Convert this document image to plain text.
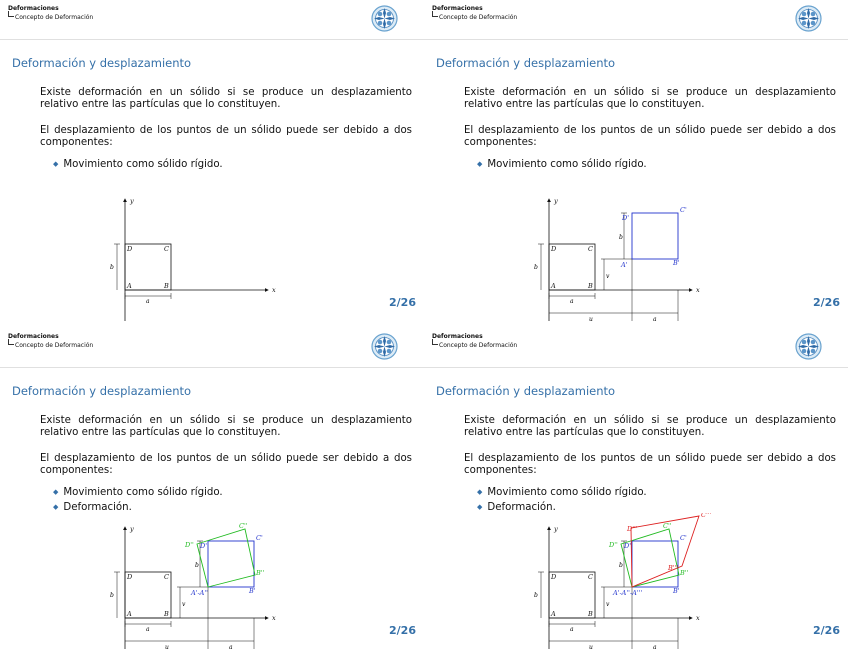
Deformaciones
Concepto de Deformación
Deformación y desplazamiento
Existe deformación en un sólido si se produce un desplazamiento relativo entre las partículas que lo constituyen.
El desplazamiento de los puntos de un sólido puede ser debido a dos componentes:
◆ Movimiento como sólido rígido.
x
y
A	B
C
D
a
b
2/26
Deformaciones
Concepto de Deformación
Deformación y desplazamiento
Existe deformación en un sólido si se produce un desplazamiento relativo entre las partículas que lo constituyen.
El desplazamiento de los puntos de un sólido puede ser debido a dos componentes:
◆ Movimiento como sólido rígido.
x
y
A	B
C
D
a
b
u	a
v
b
B'
C'
D'
A'
2/26
Deformaciones
Concepto de Deformación
Deformación y desplazamiento
Existe deformación en un sólido si se produce un desplazamiento relativo entre las partículas que lo constituyen.
El desplazamiento de los puntos de un sólido puede ser debido a dos componentes:
◆ Movimiento como sólido rígido.
◆ Deformación.
x
y
A	B
C
D
a
b
u	a
v
b
B'
C'
D'
B''
C''
D''
A'-A''
2/26
Deformaciones
Concepto de Deformación
Deformación y desplazamiento
Existe deformación en un sólido si se produce un desplazamiento relativo entre las partículas que lo constituyen.
El desplazamiento de los puntos de un sólido puede ser debido a dos componentes:
◆ Movimiento como sólido rígido.
◆ Deformación.
x
y
A	B
C
D
a
b
u	a
v
b
B'
C'
D'
B''
C''
D''
B'''
C'''
D'''
A'-A''-A'''
2/26
